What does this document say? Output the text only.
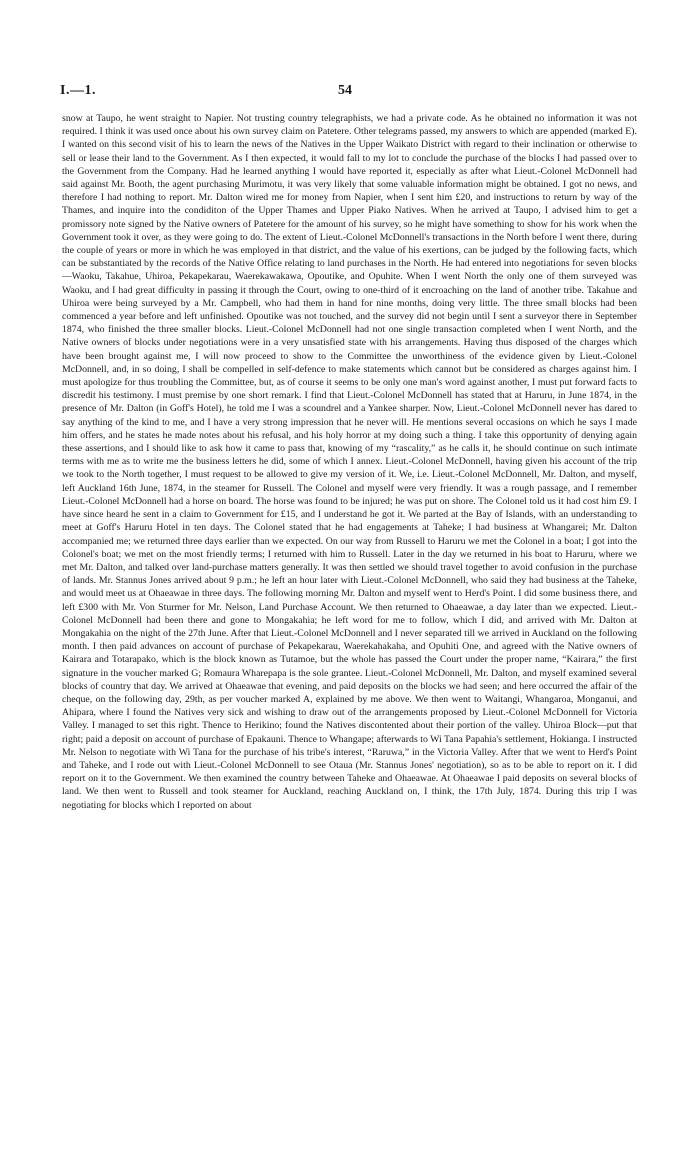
I.—1.	54

snow at Taupo, he went straight to Napier. Not trusting country telegraphists, we had a private code. As he obtained no information it was not required. I think it was used once about his own survey claim on Patetere. Other telegrams passed, my answers to which are appended (marked E). I wanted on this second visit of his to learn the news of the Natives in the Upper Waikato District with regard to their inclination or otherwise to sell or lease their land to the Government. As I then expected, it would fall to my lot to conclude the purchase of the blocks I had passed over to the Government from the Company. Had he learned anything I would have reported it, especially as after what Lieut.-Colonel McDonnell had said against Mr. Booth, the agent purchasing Murimotu, it was very likely that some valuable information might be obtained. I got no news, and therefore I had nothing to report. Mr. Dalton wired me for money from Napier, when I sent him £20, and instructions to return by way of the Thames, and inquire into the condiditon of the Upper Thames and Upper Piako Natives. When he arrived at Taupo, I advised him to get a promissory note signed by the Native owners of Patetere for the amount of his survey, so he might have something to show for his work when the Government took it over, as they were going to do. The extent of Lieut.-Colonel McDonnell's transactions in the North before I went there, during the couple of years or more in which he was employed in that district, and the value of his exertions, can be judged by the following facts, which can be substantiated by the records of the Native Office relating to land purchases in the North. He had entered into negotiations for seven blocks—Waoku, Takahue, Uhiroa, Pekapekarau, Waerekawakawa, Opoutike, and Opuhite. When I went North the only one of them surveyed was Waoku, and I had great difficulty in passing it through the Court, owing to one-third of it encroaching on the land of another tribe. Takahue and Uhiroa were being surveyed by a Mr. Campbell, who had them in hand for nine months, doing very little. The three small blocks had been commenced a year before and left unfinished. Opoutike was not touched, and the survey did not begin until I sent a surveyor there in September 1874, who finished the three smaller blocks. Lieut.-Colonel McDonnell had not one single transaction completed when I went North, and the Native owners of blocks under negotiations were in a very unsatisfied state with his arrangements. Having thus disposed of the charges which have been brought against me, I will now proceed to show to the Committee the unworthiness of the evidence given by Lieut.-Colonel McDonnell, and, in so doing, I shall be compelled in self-defence to make statements which cannot but be considered as charges against him. I must apologize for thus troubling the Committee, but, as of course it seems to be only one man's word against another, I must put forward facts to discredit his testimony. I must premise by one short remark. I find that Lieut.-Colonel McDonnell has stated that at Haruru, in June 1874, in the presence of Mr. Dalton (in Goff's Hotel), he told me I was a scoundrel and a Yankee sharper. Now, Lieut.-Colonel McDonnell never has dared to say anything of the kind to me, and I have a very strong impression that he never will. He mentions several occasions on which he says I made him offers, and he states he made notes about his refusal, and his holy horror at my doing such a thing. I take this opportunity of denying again these assertions, and I should like to ask how it came to pass that, knowing of my “rascality,” as he calls it, he should continue on such intimate terms with me as to write me the business letters he did, some of which I annex. Lieut.-Colonel McDonnell, having given his account of the trip we took to the North together, I must request to be allowed to give my version of it. We, i.e. Lieut.-Colonel McDonnell, Mr. Dalton, and myself, left Auckland 16th June, 1874, in the steamer for Russell. The Colonel and myself were very friendly. It was a rough passage, and I remember Lieut.-Colonel McDonnell had a horse on board. The horse was found to be injured; he was put on shore. The Colonel told us it had cost him £9. I have since heard he sent in a claim to Government for £15, and I understand he got it. We parted at the Bay of Islands, with an understanding to meet at Goff's Haruru Hotel in ten days. The Colonel stated that he had engagements at Taheke; I had business at Whangarei; Mr. Dalton accompanied me; we returned three days earlier than we expected. On our way from Russell to Haruru we met the Colonel in a boat; I got into the Colonel's boat; we met on the most friendly terms; I returned with him to Russell. Later in the day we returned in his boat to Haruru, where we met Mr. Dalton, and talked over land-purchase matters generally. It was then settled we should travel together to avoid confusion in the purchase of lands. Mr. Stannus Jones arrived about 9 p.m.; he left an hour later with Lieut.-Colonel McDonnell, who said they had business at the Taheke, and would meet us at Ohaeawae in three days. The following morning Mr. Dalton and myself went to Herd's Point. I did some business there, and left £300 with Mr. Von Sturmer for Mr. Nelson, Land Purchase Account. We then returned to Ohaeawae, a day later than we expected. Lieut.-Colonel McDonnell had been there and gone to Mongakahia; he left word for me to follow, which I did, and arrived with Mr. Dalton at Mongakahia on the night of the 27th June. After that Lieut.-Colonel McDonnell and I never separated till we arrived in Auckland on the following month. I then paid advances on account of purchase of Pekapekarau, Waerekahakaha, and Opuhiti One, and agreed with the Native owners of Kairara and Totarapako, which is the block known as Tutamoe, but the whole has passed the Court under the proper name, “Kairara,” the first signature in the voucher marked G; Romaura Wharepapa is the sole grantee. Lieut.-Colonel McDonnell, Mr. Dalton, and myself examined several blocks of country that day. We arrived at Ohaeawae that evening, and paid deposits on the blocks we had seen; and here occurred the affair of the cheque, on the following day, 29th, as per voucher marked A, explained by me above. We then went to Waitangi, Whangaroa, Monganui, and Ahipara, where I found the Natives very sick and wishing to draw out of the arrangements proposed by Lieut.-Colonel McDonnell for Victoria Valley. I managed to set this right. Thence to Herikino; found the Natives discontented about their portion of the valley. Uhiroa Block—put that right; paid a deposit on account of purchase of Epakauni. Thence to Whangape; afterwards to Wi Tana Papahia's settlement, Hokianga. I instructed Mr. Nelson to negotiate with Wi Tana for the purchase of his tribe's interest, “Raruwa,” in the Victoria Valley. After that we went to Herd's Point and Taheke, and I rode out with Lieut.-Colonel McDonnell to see Otaua (Mr. Stannus Jones' negotiation), so as to be able to report on it. I did report on it to the Government. We then examined the country between Taheke and Ohaeawae. At Ohaeawae I paid deposits on several blocks of land. We then went to Russell and took steamer for Auckland, reaching Auckland on, I think, the 17th July, 1874. During this trip I was negotiating for blocks which I reported on about
